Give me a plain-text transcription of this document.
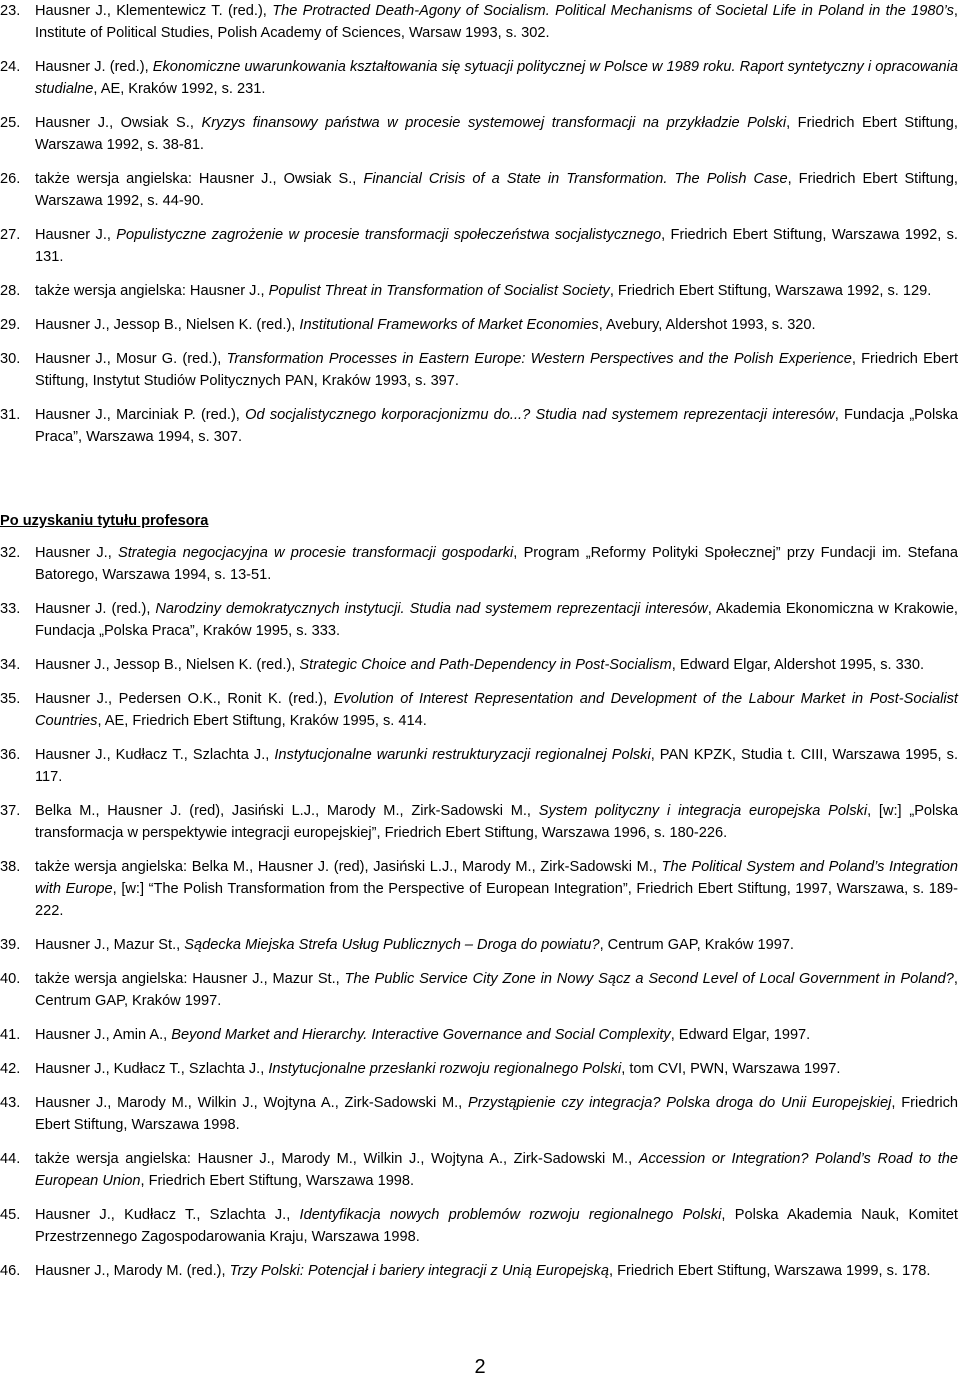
23.	Hausner J., Klementewicz T. (red.), The Protracted Death-Agony of Socialism. Political Mechanisms of Societal Life in Poland in the 1980’s, Institute of Political Studies, Polish Academy of Sciences, Warsaw 1993, s. 302.
24.	Hausner J. (red.), Ekonomiczne uwarunkowania kształtowania się sytuacji politycznej w Polsce w 1989 roku. Raport syntetyczny i opracowania studialne, AE, Kraków 1992, s. 231.
25.	Hausner J., Owsiak S., Kryzys finansowy państwa w procesie systemowej transformacji na przykładzie Polski, Friedrich Ebert Stiftung, Warszawa 1992, s. 38-81.
26.	także wersja angielska: Hausner J., Owsiak S., Financial Crisis of a State in Transformation. The Polish Case, Friedrich Ebert Stiftung, Warszawa 1992, s. 44-90.
27.	Hausner J., Populistyczne zagrożenie w procesie transformacji społeczeństwa socjalistycznego, Friedrich Ebert Stiftung, Warszawa 1992, s. 131.
28.	także wersja angielska: Hausner J., Populist Threat in Transformation of Socialist Society, Friedrich Ebert Stiftung, Warszawa 1992, s. 129.
29.	Hausner J., Jessop B., Nielsen K. (red.), Institutional Frameworks of Market Economies, Avebury, Aldershot 1993, s. 320.
30.	Hausner J., Mosur G. (red.), Transformation Processes in Eastern Europe: Western Perspectives and the Polish Experience, Friedrich Ebert Stiftung, Instytut Studiów Politycznych PAN, Kraków 1993, s. 397.
31.	Hausner J., Marciniak P. (red.), Od socjalistycznego korporacjonizmu do...? Studia nad systemem reprezentacji interesów, Fundacja „Polska Praca”, Warszawa 1994, s. 307.
Po uzyskaniu tytułu profesora
32.	Hausner J., Strategia negocjacyjna w procesie transformacji gospodarki, Program „Reformy Polityki Społecznej” przy Fundacji im. Stefana Batorego, Warszawa 1994, s. 13-51.
33.	Hausner J. (red.), Narodziny demokratycznych instytucji. Studia nad systemem reprezentacji interesów, Akademia Ekonomiczna w Krakowie, Fundacja „Polska Praca”, Kraków 1995, s. 333.
34.	Hausner J., Jessop B., Nielsen K. (red.), Strategic Choice and Path-Dependency in Post-Socialism, Edward Elgar, Aldershot 1995, s. 330.
35.	Hausner J., Pedersen O.K., Ronit K. (red.), Evolution of Interest Representation and Development of the Labour Market in Post-Socialist Countries, AE, Friedrich Ebert Stiftung, Kraków 1995, s. 414.
36.	Hausner J., Kudłacz T., Szlachta J., Instytucjonalne warunki restrukturyzacji regionalnej Polski, PAN KPZK, Studia t. CIII, Warszawa 1995, s. 117.
37.	Belka M., Hausner J. (red), Jasiński L.J., Marody M., Zirk-Sadowski M., System polityczny i integracja europejska Polski, [w:] „Polska transformacja w perspektywie integracji europejskiej”, Friedrich Ebert Stiftung, Warszawa 1996, s. 180-226.
38.	także wersja angielska: Belka M., Hausner J. (red), Jasiński L.J., Marody M., Zirk-Sadowski M., The Political System and Poland’s Integration with Europe, [w:] “The Polish Transformation from the Perspective of European Integration”, Friedrich Ebert Stiftung, 1997, Warszawa, s. 189-222.
39.	Hausner J., Mazur St., Sądecka Miejska Strefa Usług Publicznych – Droga do powiatu?, Centrum GAP, Kraków 1997.
40.	także wersja angielska: Hausner J., Mazur St., The Public Service City Zone in Nowy Sącz a Second Level of Local Government in Poland?, Centrum GAP, Kraków 1997.
41.	Hausner J., Amin A., Beyond Market and Hierarchy. Interactive Governance and Social Complexity, Edward Elgar, 1997.
42.	Hausner J., Kudłacz T., Szlachta J., Instytucjonalne przesłanki rozwoju regionalnego Polski, tom CVI, PWN, Warszawa 1997.
43.	Hausner J., Marody M., Wilkin J., Wojtyna A., Zirk-Sadowski M., Przystąpienie czy integracja? Polska droga do Unii Europejskiej, Friedrich Ebert Stiftung, Warszawa 1998.
44.	także wersja angielska: Hausner J., Marody M., Wilkin J., Wojtyna A., Zirk-Sadowski M., Accession or Integration? Poland’s Road to the European Union, Friedrich Ebert Stiftung, Warszawa 1998.
45.	Hausner J., Kudłacz T., Szlachta J., Identyfikacja nowych problemów rozwoju regionalnego Polski, Polska Akademia Nauk, Komitet Przestrzennego Zagospodarowania Kraju, Warszawa 1998.
46.	Hausner J., Marody M. (red.), Trzy Polski: Potencjał i bariery integracji z Unią Europejską, Friedrich Ebert Stiftung, Warszawa 1999, s. 178.
2
